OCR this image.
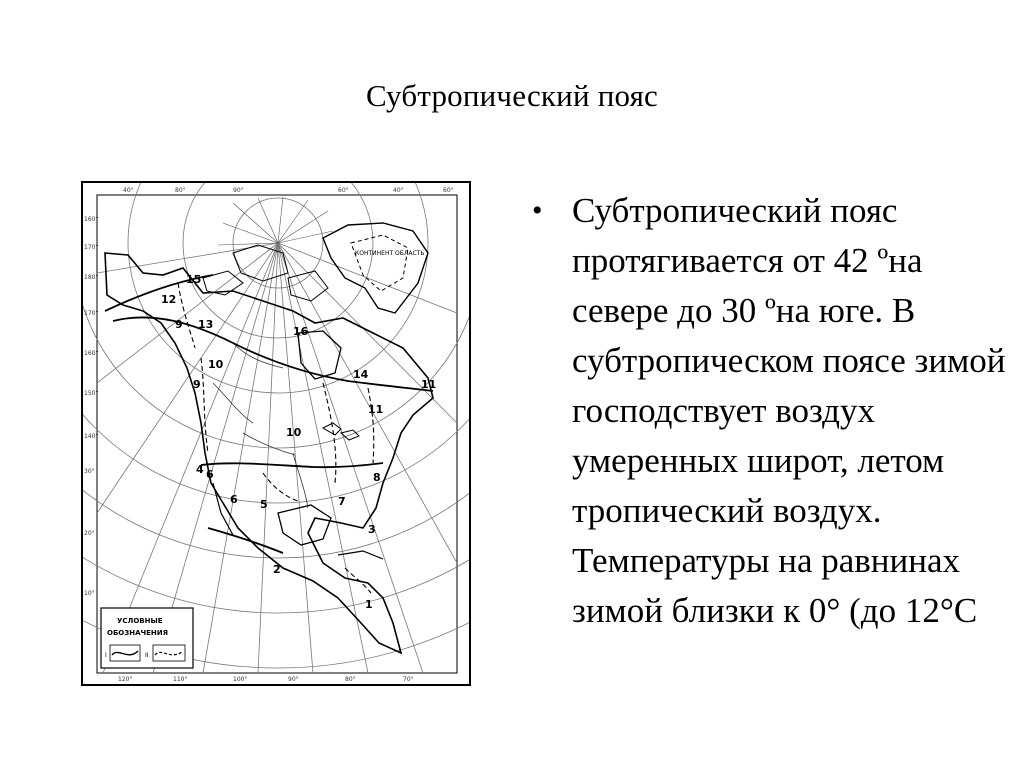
Субтропический пояс
КОНТИНЕНТ ОБЛАСТЬ
15
12
9 13
16
10
9
14
11
11
10
4 6
6 5	7
8
3
2
1
40°	80°	90°	60°	40°	60°
120°	110°	100°	90°	80°	70°
160°
170°
180°
170°
160°
150°
140°
30°
20°
10°
УСЛОВНЫЕ
ОБОЗНАЧЕНИЯ
I	II
• Субтропический пояс протягивается от 42 ºна севере до 30 ºна юге. В субтропическом поясе зимой господствует воздух умеренных широт, летом тропический воздух. Температуры на равнинах зимой близки к 0° (до 12°С
